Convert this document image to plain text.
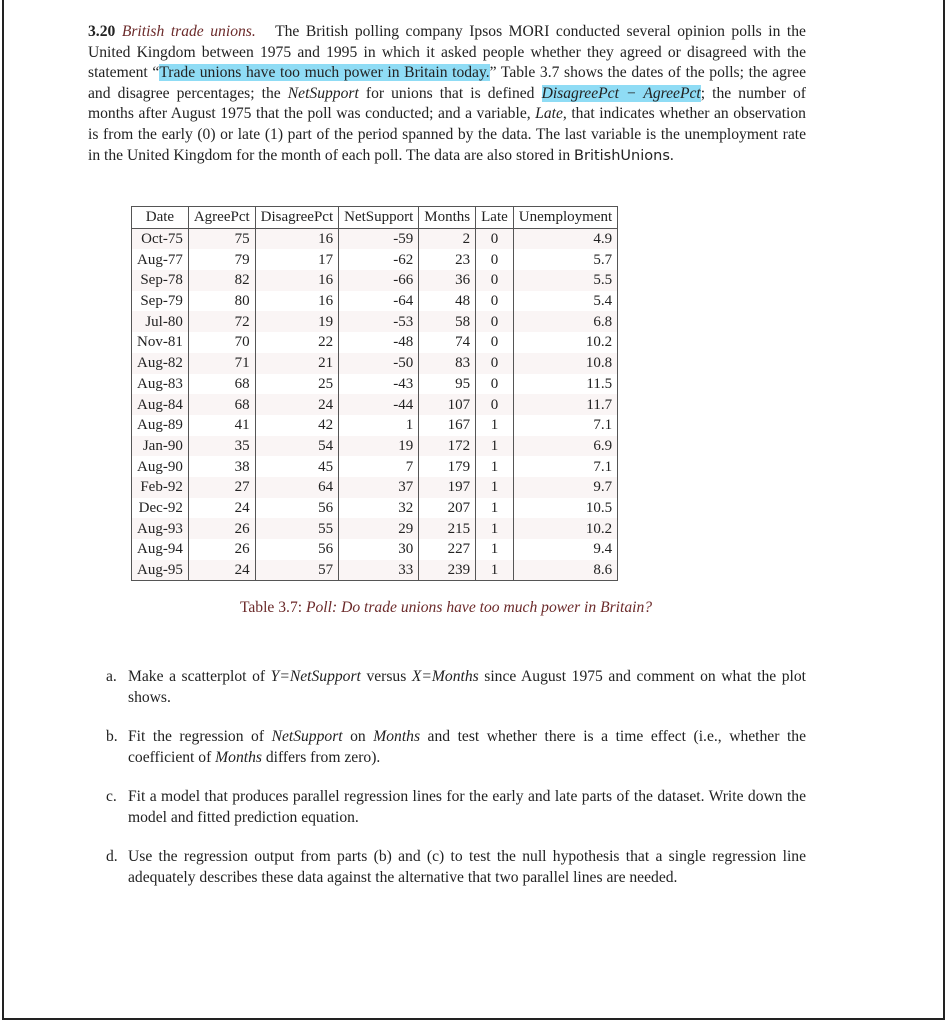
3.20 British trade unions. The British polling company Ipsos MORI conducted several opinion polls in the United Kingdom between 1975 and 1995 in which it asked people whether they agreed or disagreed with the statement “Trade unions have too much power in Britain today.” Table 3.7 shows the dates of the polls; the agree and disagree percentages; the NetSupport for unions that is defined DisagreePct − AgreePct; the number of months after August 1975 that the poll was conducted; and a variable, Late, that indicates whether an observation is from the early (0) or late (1) part of the period spanned by the data. The last variable is the unemployment rate in the United Kingdom for the month of each poll. The data are also stored in BritishUnions.
Date	AgreePct	DisagreePct	NetSupport	Months	Late	Unemployment
Oct-75	75	16	-59	2	0	4.9
Aug-77	79	17	-62	23	0	5.7
Sep-78	82	16	-66	36	0	5.5
Sep-79	80	16	-64	48	0	5.4
Jul-80	72	19	-53	58	0	6.8
Nov-81	70	22	-48	74	0	10.2
Aug-82	71	21	-50	83	0	10.8
Aug-83	68	25	-43	95	0	11.5
Aug-84	68	24	-44	107	0	11.7
Aug-89	41	42	1	167	1	7.1
Jan-90	35	54	19	172	1	6.9
Aug-90	38	45	7	179	1	7.1
Feb-92	27	64	37	197	1	9.7
Dec-92	24	56	32	207	1	10.5
Aug-93	26	55	29	215	1	10.2
Aug-94	26	56	30	227	1	9.4
Aug-95	24	57	33	239	1	8.6
Table 3.7: Poll: Do trade unions have too much power in Britain?
a. Make a scatterplot of Y=NetSupport versus X=Months since August 1975 and comment on what the plot shows.
b. Fit the regression of NetSupport on Months and test whether there is a time effect (i.e., whether the coefficient of Months differs from zero).
c. Fit a model that produces parallel regression lines for the early and late parts of the dataset. Write down the model and fitted prediction equation.
d. Use the regression output from parts (b) and (c) to test the null hypothesis that a single regression line adequately describes these data against the alternative that two parallel lines are needed.
